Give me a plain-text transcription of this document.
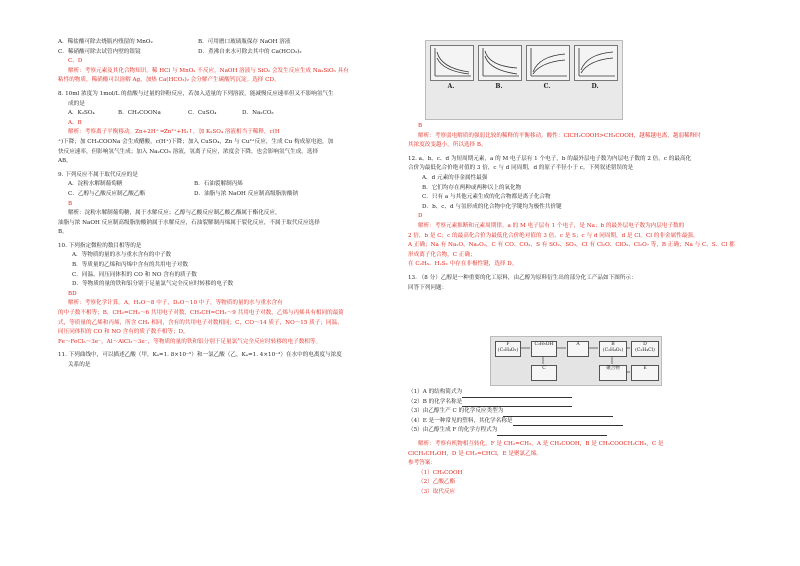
A．稀盐酸可除去烧瓶内残留的 MnO₂	B．可用磨口玻璃瓶保存 NaOH 溶液
C．稀硝酸可除去试管内壁的银镜	D．煮沸自来水可除去其中的 Ca(HCO₃)₂
C、D
解析：考察元素及其化合物知识。稀 HCl 与 MnO₂ 不反应，NaOH 溶液与 SiO₂ 会发生反应生成 Na₂SiO₃ 具有
粘性的物质，稀硝酸可以溶解 Ag，加热 Ca(HCO₃)₂ 会分解产生碳酸钙沉淀。选择 CD。
8. 10ml 浓度为 1mol/L 的盐酸与过量的锌粉反应，若加入适量的下列溶液，能减慢反应速率但又不影响氢气生
成的是
A．K₂SO₄	B．CH₃COONa	C．CuSO₄	D．Na₂CO₃
A、B
解析：考察离子平衡移动。Zn+2H⁺ ═Zn²⁺+H₂↑，加 K₂SO₄ 溶液相当于稀释，c(H
⁺)下降；加 CH₃COONa 会生成醋酸，c(H⁺)下降；加入 CuSO₄，Zn 与 Cu²⁺反应，生成 Cu 构成原电池，加
快反应速率，但影响氢气生成；加入 Na₂CO₃ 溶液，氢离子反应，浓度会下降，也会影响氢气生成。选择
AB。
9. 下列反应不属于取代反应的是
A．淀粉水解制葡萄糖	B．石油裂解制丙烯
C．乙醇与乙酸反应制乙酸乙酯	D．油脂与浓 NaOH 反应制高级脂肪酸钠
B
解析：淀粉水解制葡萄糖，属于水解反应；乙醇与乙酸反应制乙酸乙酯属于酯化反应，
油脂与浓 NaOH 反应制高级脂肪酸钠属于水解反应，石油裂解制丙烯属于裂化反应，不属于取代反应选择
B。
10. 下列指定微粒的数目相等的是
A．等物质的量的水与重水含有的中子数
B．等质量的乙烯和丙烯中含有的共用电子对数
C．同温、同压同体积的 CO 和 NO 含有的质子数
D．等物质的量的铁和铝分别于足量氯气完全反应时转移的电子数
BD
解析：考察化学计算。A，H₂O～8 中子，D₂O～10 中子，等物质的量的水与重水含有
的中子数不相等；B，CH₂=CH₂～6 共用电子对数，CH₃CH=CH₂～9 共用电子对数，乙烯与丙烯具有相同的最简
式，等质量的乙烯和丙烯，所含 CH₂ 相同，含有的共用电子对数相同；C，CO～14 质子，NO～15 质子；同温、
同压同体积的 CO 和 NO 含有的质子数不相等；D，
Fe～FeCl₃～3e⁻，Al～AlCl₃～3e⁻，等物质的量的铁和铝分别于足量氯气完全反应时转移的电子数相等。
11. 下列曲线中，可以描述乙酸（甲，Kₐ=1. 8×10⁻⁵）和一氯乙酸（乙，Kₐ=1. 4×10⁻³）在水中的电离度与浓度
关系的是
A.	B.	C.	D.
B
解析：考察弱电解质的强弱比较的稀释的平衡移动。酸性：ClCH₂COOH>CH₃COOH，越稀越电离，越弱稀释时
其浓度改变越小，所以选择 B。
12. a、b、c、d 为短周期元素，a 的 M 电子层有 1 个电子，b 的最外层电子数为内层电子数的 2 倍，c 的最高化
合价为最低化合价绝对值的 3 倍，c 与 d 同周期，d 的原子半径小于 c。下列叙述错误的是
A．d 元素的非金属性最强
B．它们均存在两种或两种以上的氧化物
C．只有 a 与其他元素生成的化合物都是离子化合物
D．b、c、d 与氢形成的化合物中化学键均为极性共价键
D
解析：考察元素推断和元素周期律。a 的 M 电子层有 1 个电子，是 Na；b 的最外层电子数为内层电子数的
2 倍，b 是 C；c 的最高化合价为最低化合价绝对值的 3 倍，c 是 S；c 与 d 同周期，d 是 Cl。Cl 的非金属性最强，
A 正确；Na 有 Na₂O、Na₂O₂，C 有 CO、CO₂，S 有 SO₂、SO₃，Cl 有 Cl₂O、ClO₂、Cl₂O₇ 等，B 正确；Na 与 C、S、Cl 都
形成离子化合物，C 正确；
在 C₂H₆、H₂S₂ 中存在非极性键，选择 D。
13. （8 分）乙醇是一种重要的化工原料，由乙醇为原料衍生出的部分化工产品如下图所示：
回答下列问题：
F
(C₂H₄O₂)
C₂H₅OH	A	B
(C₂H₄O₂)
D
(C₂H₄Cl)
C	聚合物	E
（1）A 的结构简式为
（2）B 的化学名称是
（3）由乙醇生产 C 的化学反应类型为
（4）E 是一种常见的塑料，其化学名称是
（5）由乙醇生成 F 的化学方程式为
解析：考察有机物相互转化。F 是 CH₂=CH₂，A 是 CH₃COOH，B 是 CH₃COOCH₂CH₃，C 是
ClCH₂CH₂OH，D 是 CH₂=CHCl，E 是聚氯乙烯。
参考答案：
（1）CH₃COOH
（2）乙酸乙酯
（3）取代反应
